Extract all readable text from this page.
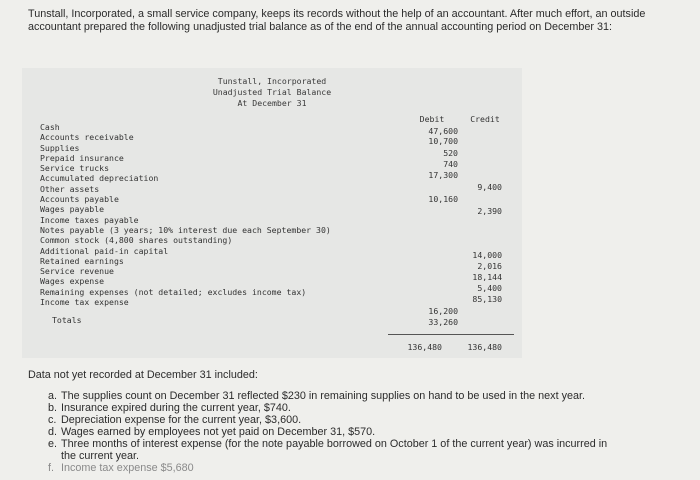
Tunstall, Incorporated, a small service company, keeps its records without the help of an accountant. After much effort, an outside accountant prepared the following unadjusted trial balance as of the end of the annual accounting period on December 31:
Tunstall, Incorporated
Unadjusted Trial Balance
At December 31
Debit	Credit
Cash
Accounts receivable
Supplies
Prepaid insurance
Service trucks
Accumulated depreciation
Other assets
Accounts payable
Wages payable
Income taxes payable
Notes payable (3 years; 10% interest due each September 30)
Common stock (4,800 shares outstanding)
Additional paid-in capital
Retained earnings
Service revenue
Wages expense
Remaining expenses (not detailed; excludes income tax)
Income tax expense
Totals
47,600
10,700
520
740
17,300
10,160
16,200
33,260
9,400
2,390
14,000
2,016
18,144
5,400
85,130
136,480	136,480
Data not yet recorded at December 31 included:
a. The supplies count on December 31 reflected $230 in remaining supplies on hand to be used in the next year.
b. Insurance expired during the current year, $740.
c. Depreciation expense for the current year, $3,600.
d. Wages earned by employees not yet paid on December 31, $570.
e. Three months of interest expense (for the note payable borrowed on October 1 of the current year) was incurred in
the current year.
f. Income tax expense $5,680
